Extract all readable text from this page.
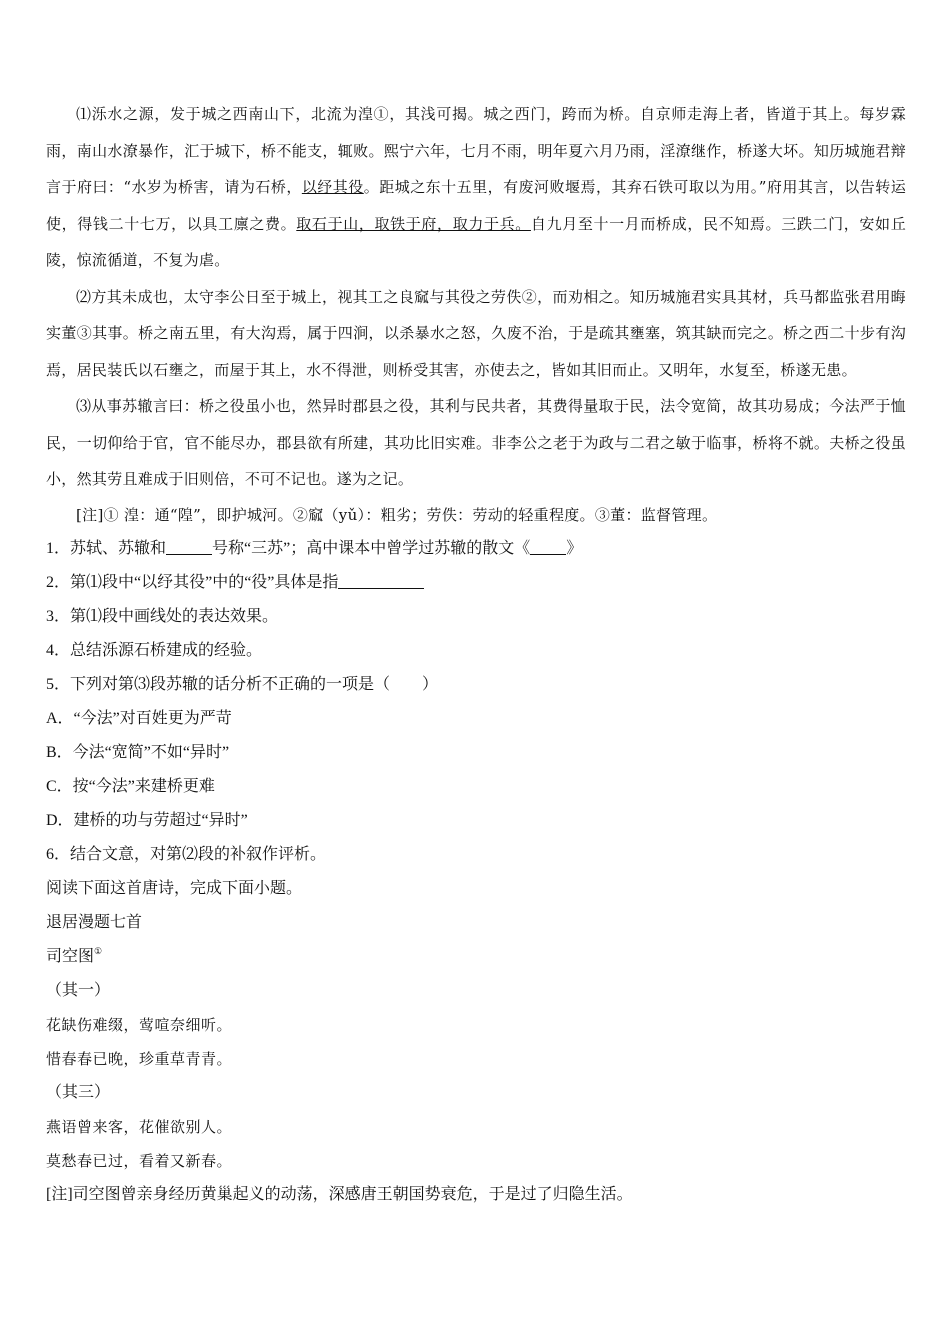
⑴泺水之源，发于城之西南山下，北流为湟①，其浅可揭。城之西门，跨而为桥。自京师走海上者，皆道于其上。每岁霖雨，南山水潦暴作，汇于城下，桥不能支，辄败。熙宁六年，七月不雨，明年夏六月乃雨，淫潦继作，桥遂大坏。知历城施君辩言于府曰：“水岁为桥害，请为石桥，以纾其役。距城之东十五里，有废河败堰焉，其弃石铁可取以为用。”府用其言，以告转运使，得钱二十七万，以具工廪之费。取石于山，取铁于府，取力于兵。自九月至十一月而桥成，民不知焉。三跌二门，安如丘陵，惊流循道，不复为虐。

⑵方其未成也，太守李公日至于城上，视其工之良窳与其役之劳佚②，而劝相之。知历城施君实具其材，兵马都监张君用晦实董③其事。桥之南五里，有大沟焉，属于四涧，以杀暴水之怒，久废不治，于是疏其壅塞，筑其缺而完之。桥之西二十步有沟焉，居民装氏以石壅之，而屋于其上，水不得泄，则桥受其害，亦使去之，皆如其旧而止。又明年，水复至，桥遂无患。

⑶从事苏辙言曰：桥之役虽小也，然异时郡县之役，其利与民共者，其费得量取于民，法令宽简，故其功易成；今法严于恤民，一切仰给于官，官不能尽办，郡县欲有所建，其功比旧实难。非李公之老于为政与二君之敏于临事，桥将不就。夫桥之役虽小，然其劳且难成于旧则倍，不可不记也。遂为之记。

[注]① 湟：通“隍”，即护城河。②窳（yǔ）：粗劣；劳佚：劳动的轻重程度。③董：监督管理。

1．苏轼、苏辙和	号称“三苏”；高中课本中曾学过苏辙的散文《 》

2．第⑴段中“以纾其役”中的“役”具体是指

3．第⑴段中画线处的表达效果。

4．总结泺源石桥建成的经验。

5．下列对第⑶段苏辙的话分析不正确的一项是（　　）

A．“今法”对百姓更为严苛

B．今法“宽简”不如“异时”

C．按“今法”来建桥更难

D．建桥的功与劳超过“异时”

6．结合文意，对第⑵段的补叙作评析。

阅读下面这首唐诗，完成下面小题。

退居漫题七首

司空图①

（其一）

花缺伤难缀，莺喧奈细听。

惜春春已晚，珍重草青青。

（其三）

燕语曾来客，花催欲别人。

莫愁春已过，看着又新春。

[注]司空图曾亲身经历黄巢起义的动荡，深感唐王朝国势衰危，于是过了归隐生活。
